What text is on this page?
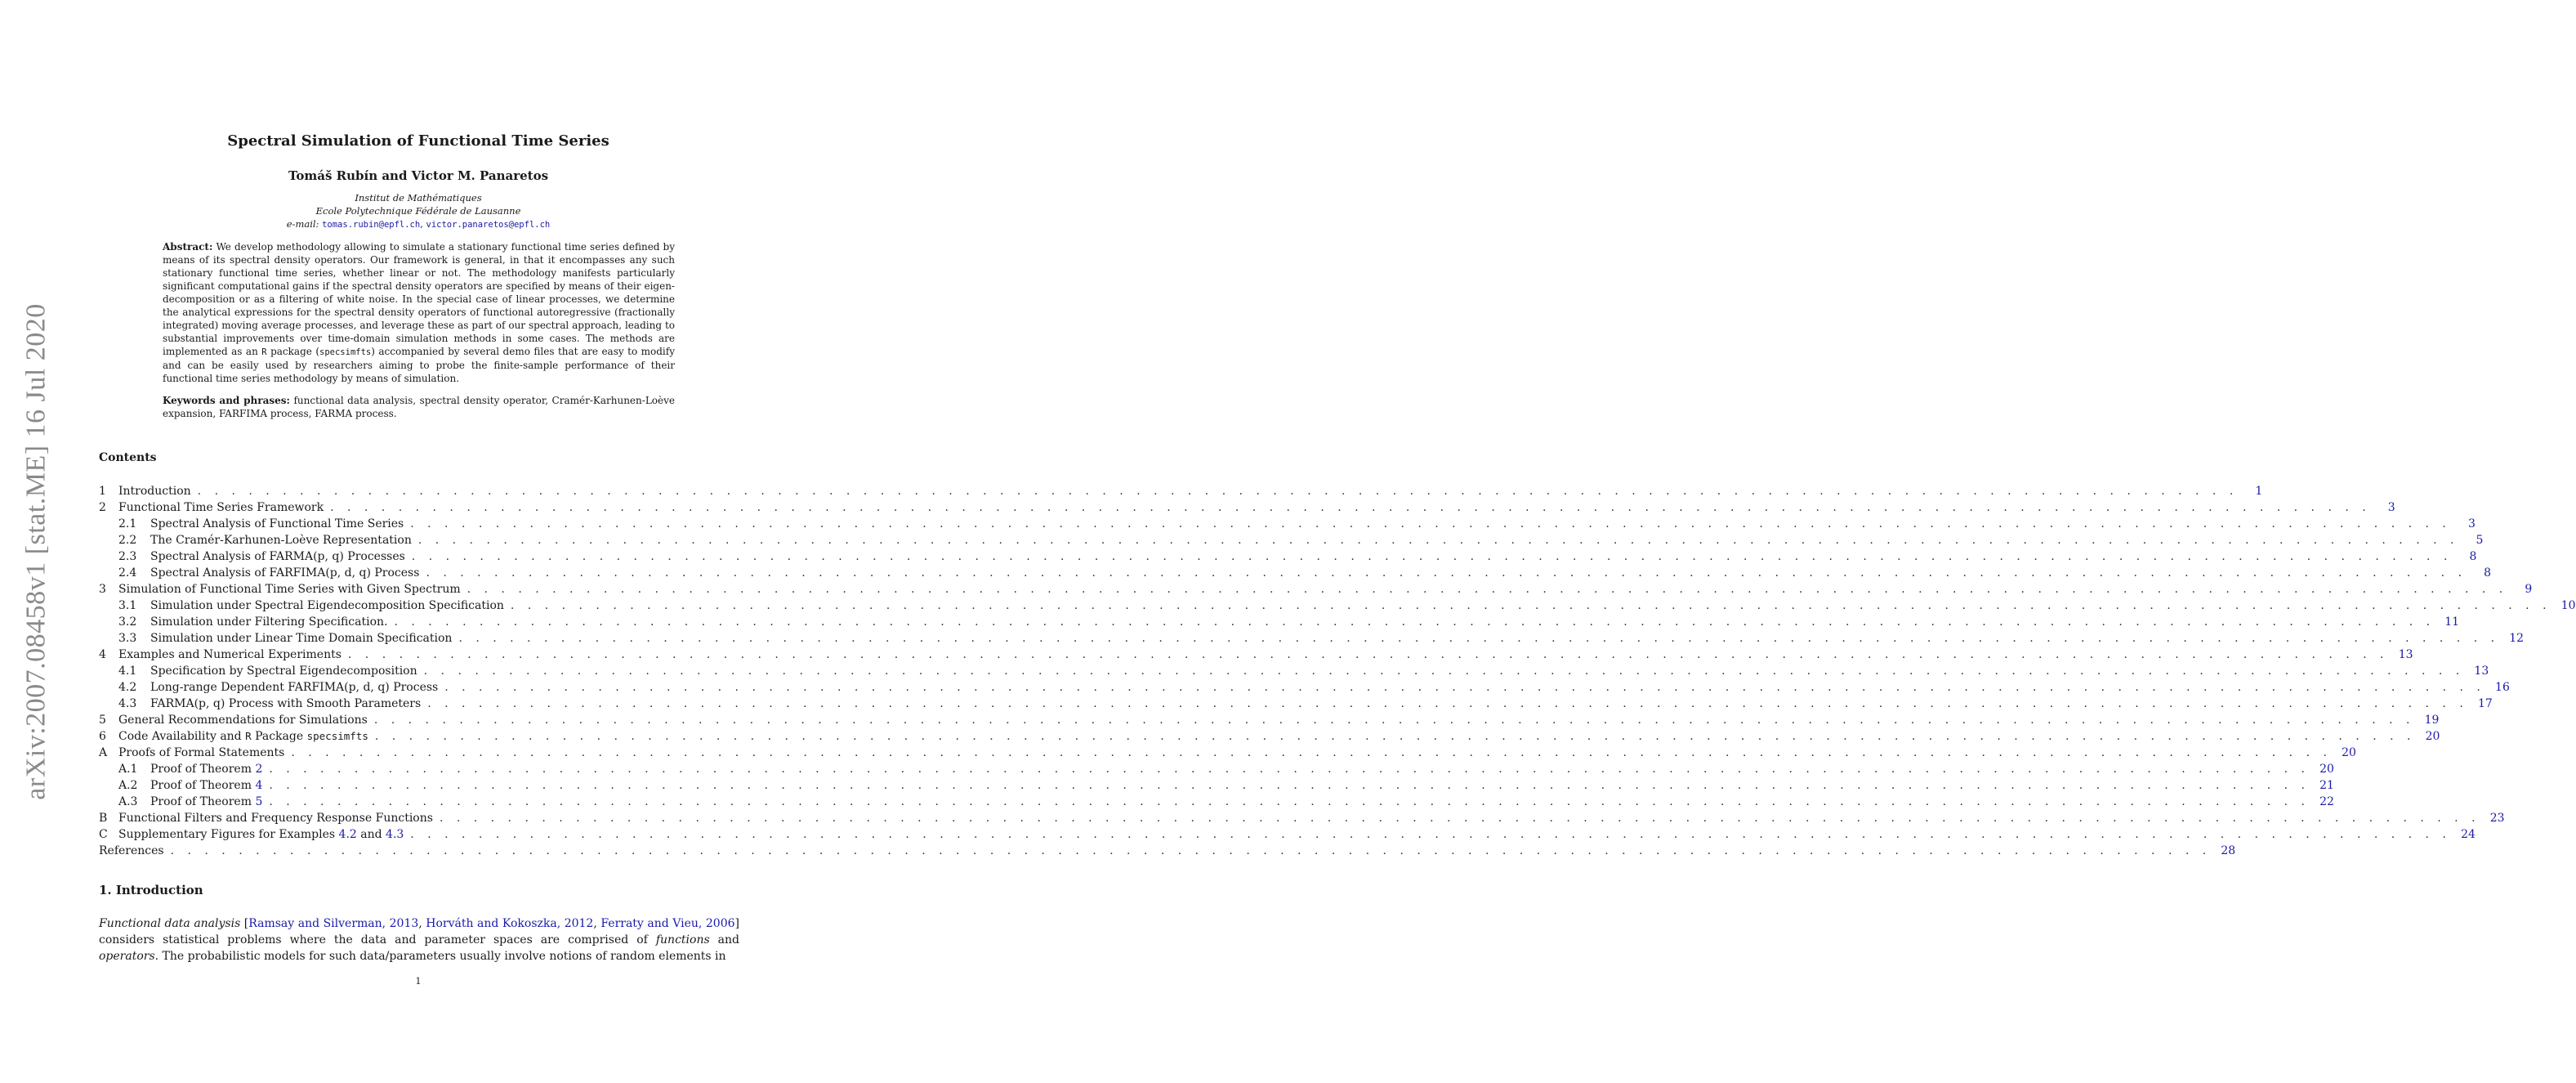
arXiv:2007.08458v1 [stat.ME] 16 Jul 2020
Spectral Simulation of Functional Time Series
Tomáš Rubín and Victor M. Panaretos
Institut de Mathématiques
Ecole Polytechnique Fédérale de Lausanne
e-mail: tomas.rubin@epfl.ch, victor.panaretos@epfl.ch
Abstract: We develop methodology allowing to simulate a stationary functional time series defined by means of its spectral density operators. Our framework is general, in that it encompasses any such stationary functional time series, whether linear or not. The methodology manifests particularly significant computational gains if the spectral density operators are specified by means of their eigen-decomposition or as a filtering of white noise. In the special case of linear processes, we determine the analytical expressions for the spectral density operators of functional autoregressive (fractionally integrated) moving average processes, and leverage these as part of our spectral approach, leading to substantial improvements over time-domain simulation methods in some cases. The methods are implemented as an R package (specsimfts) accompanied by several demo files that are easy to modify and can be easily used by researchers aiming to probe the finite-sample performance of their functional time series methodology by means of simulation.
Keywords and phrases: functional data analysis, spectral density operator, Cramér-Karhunen-Loève expansion, FARFIMA process, FARMA process.
Contents
1	Introduction . . . . . . . . . . . . . . . . . . . . . . . . . . . . . . . . . . . . . . . . . . . . . . . . . . . . . . . . . . . . . . . . . . . . . . . . . . . . . . . . . . . . . . . . . . . . . . . . . . . . . . . . . . . . . . . . . . . . . . . .	1
2	Functional Time Series Framework . . . . . . . . . . . . . . . . . . . . . . . . . . . . . . . . . . . . . . . . . . . . . . . . . . . . . . . . . . . . . . . . . . . . . . . . . . . . . . . . . . . . . . . . . . . . . . . . . . . . . . . . . . . . . . . . . . . . . . . .	3
2.1	Spectral Analysis of Functional Time Series . . . . . . . . . . . . . . . . . . . . . . . . . . . . . . . . . . . . . . . . . . . . . . . . . . . . . . . . . . . . . . . . . . . . . . . . . . . . . . . . . . . . . . . . . . . . . . . . . . . . . . . . . . . . . . . . . . . . . . . .	3
2.2	The Cramér-Karhunen-Loève Representation . . . . . . . . . . . . . . . . . . . . . . . . . . . . . . . . . . . . . . . . . . . . . . . . . . . . . . . . . . . . . . . . . . . . . . . . . . . . . . . . . . . . . . . . . . . . . . . . . . . . . . . . . . . . . . . . . . . . . . . .	5
2.3	Spectral Analysis of FARMA(p, q) Processes . . . . . . . . . . . . . . . . . . . . . . . . . . . . . . . . . . . . . . . . . . . . . . . . . . . . . . . . . . . . . . . . . . . . . . . . . . . . . . . . . . . . . . . . . . . . . . . . . . . . . . . . . . . . . . . . . . . . . . . .	8
2.4	Spectral Analysis of FARFIMA(p, d, q) Process . . . . . . . . . . . . . . . . . . . . . . . . . . . . . . . . . . . . . . . . . . . . . . . . . . . . . . . . . . . . . . . . . . . . . . . . . . . . . . . . . . . . . . . . . . . . . . . . . . . . . . . . . . . . . . . . . . . . . . . .	8
3	Simulation of Functional Time Series with Given Spectrum . . . . . . . . . . . . . . . . . . . . . . . . . . . . . . . . . . . . . . . . . . . . . . . . . . . . . . . . . . . . . . . . . . . . . . . . . . . . . . . . . . . . . . . . . . . . . . . . . . . . . . . . . . . . . . . . . . . . . . . .	9
3.1	Simulation under Spectral Eigendecomposition Specification . . . . . . . . . . . . . . . . . . . . . . . . . . . . . . . . . . . . . . . . . . . . . . . . . . . . . . . . . . . . . . . . . . . . . . . . . . . . . . . . . . . . . . . . . . . . . . . . . . . . . . . . . . . . . . . . . . . . . . . . 10
3.2	Simulation under Filtering Specification. . . . . . . . . . . . . . . . . . . . . . . . . . . . . . . . . . . . . . . . . . . . . . . . . . . . . . . . . . . . . . . . . . . . . . . . . . . . . . . . . . . . . . . . . . . . . . . . . . . . . . . . . . . . . . . . . . . . . . . . . 11
3.3	Simulation under Linear Time Domain Specification . . . . . . . . . . . . . . . . . . . . . . . . . . . . . . . . . . . . . . . . . . . . . . . . . . . . . . . . . . . . . . . . . . . . . . . . . . . . . . . . . . . . . . . . . . . . . . . . . . . . . . . . . . . . . . . . . . . . . . . . 12
4	Examples and Numerical Experiments . . . . . . . . . . . . . . . . . . . . . . . . . . . . . . . . . . . . . . . . . . . . . . . . . . . . . . . . . . . . . . . . . . . . . . . . . . . . . . . . . . . . . . . . . . . . . . . . . . . . . . . . . . . . . . . . . . . . . . . . 13
4.1	Specification by Spectral Eigendecomposition . . . . . . . . . . . . . . . . . . . . . . . . . . . . . . . . . . . . . . . . . . . . . . . . . . . . . . . . . . . . . . . . . . . . . . . . . . . . . . . . . . . . . . . . . . . . . . . . . . . . . . . . . . . . . . . . . . . . . . . . 13
4.2	Long-range Dependent FARFIMA(p, d, q) Process . . . . . . . . . . . . . . . . . . . . . . . . . . . . . . . . . . . . . . . . . . . . . . . . . . . . . . . . . . . . . . . . . . . . . . . . . . . . . . . . . . . . . . . . . . . . . . . . . . . . . . . . . . . . . . . . . . . . . . . . 16
4.3	FARMA(p, q) Process with Smooth Parameters . . . . . . . . . . . . . . . . . . . . . . . . . . . . . . . . . . . . . . . . . . . . . . . . . . . . . . . . . . . . . . . . . . . . . . . . . . . . . . . . . . . . . . . . . . . . . . . . . . . . . . . . . . . . . . . . . . . . . . . . 17
5	General Recommendations for Simulations . . . . . . . . . . . . . . . . . . . . . . . . . . . . . . . . . . . . . . . . . . . . . . . . . . . . . . . . . . . . . . . . . . . . . . . . . . . . . . . . . . . . . . . . . . . . . . . . . . . . . . . . . . . . . . . . . . . . . . . . 19
6	Code Availability and R Package specsimfts . . . . . . . . . . . . . . . . . . . . . . . . . . . . . . . . . . . . . . . . . . . . . . . . . . . . . . . . . . . . . . . . . . . . . . . . . . . . . . . . . . . . . . . . . . . . . . . . . . . . . . . . . . . . . . . . . . . . . . . . 20
A Proofs of Formal Statements . . . . . . . . . . . . . . . . . . . . . . . . . . . . . . . . . . . . . . . . . . . . . . . . . . . . . . . . . . . . . . . . . . . . . . . . . . . . . . . . . . . . . . . . . . . . . . . . . . . . . . . . . . . . . . . . . . . . . . . . 20
A.1	Proof of Theorem 2 . . . . . . . . . . . . . . . . . . . . . . . . . . . . . . . . . . . . . . . . . . . . . . . . . . . . . . . . . . . . . . . . . . . . . . . . . . . . . . . . . . . . . . . . . . . . . . . . . . . . . . . . . . . . . . . . . . . . . . . . 20
A.2	Proof of Theorem 4 . . . . . . . . . . . . . . . . . . . . . . . . . . . . . . . . . . . . . . . . . . . . . . . . . . . . . . . . . . . . . . . . . . . . . . . . . . . . . . . . . . . . . . . . . . . . . . . . . . . . . . . . . . . . . . . . . . . . . . . . 21
A.3	Proof of Theorem 5 . . . . . . . . . . . . . . . . . . . . . . . . . . . . . . . . . . . . . . . . . . . . . . . . . . . . . . . . . . . . . . . . . . . . . . . . . . . . . . . . . . . . . . . . . . . . . . . . . . . . . . . . . . . . . . . . . . . . . . . . 22
B Functional Filters and Frequency Response Functions . . . . . . . . . . . . . . . . . . . . . . . . . . . . . . . . . . . . . . . . . . . . . . . . . . . . . . . . . . . . . . . . . . . . . . . . . . . . . . . . . . . . . . . . . . . . . . . . . . . . . . . . . . . . . . . . . . . . . . . . 23
C Supplementary Figures for Examples 4.2 and 4.3 . . . . . . . . . . . . . . . . . . . . . . . . . . . . . . . . . . . . . . . . . . . . . . . . . . . . . . . . . . . . . . . . . . . . . . . . . . . . . . . . . . . . . . . . . . . . . . . . . . . . . . . . . . . . . . . . . . . . . . . . 24
References . . . . . . . . . . . . . . . . . . . . . . . . . . . . . . . . . . . . . . . . . . . . . . . . . . . . . . . . . . . . . . . . . . . . . . . . . . . . . . . . . . . . . . . . . . . . . . . . . . . . . . . . . . . . . . . . . . . . . . . . 28
1. Introduction
Functional data analysis [Ramsay and Silverman, 2013, Horváth and Kokoszka, 2012, Ferraty and Vieu, 2006] considers statistical problems where the data and parameter spaces are comprised of functions and operators. The probabilistic models for such data/parameters usually involve notions of random elements in
1
